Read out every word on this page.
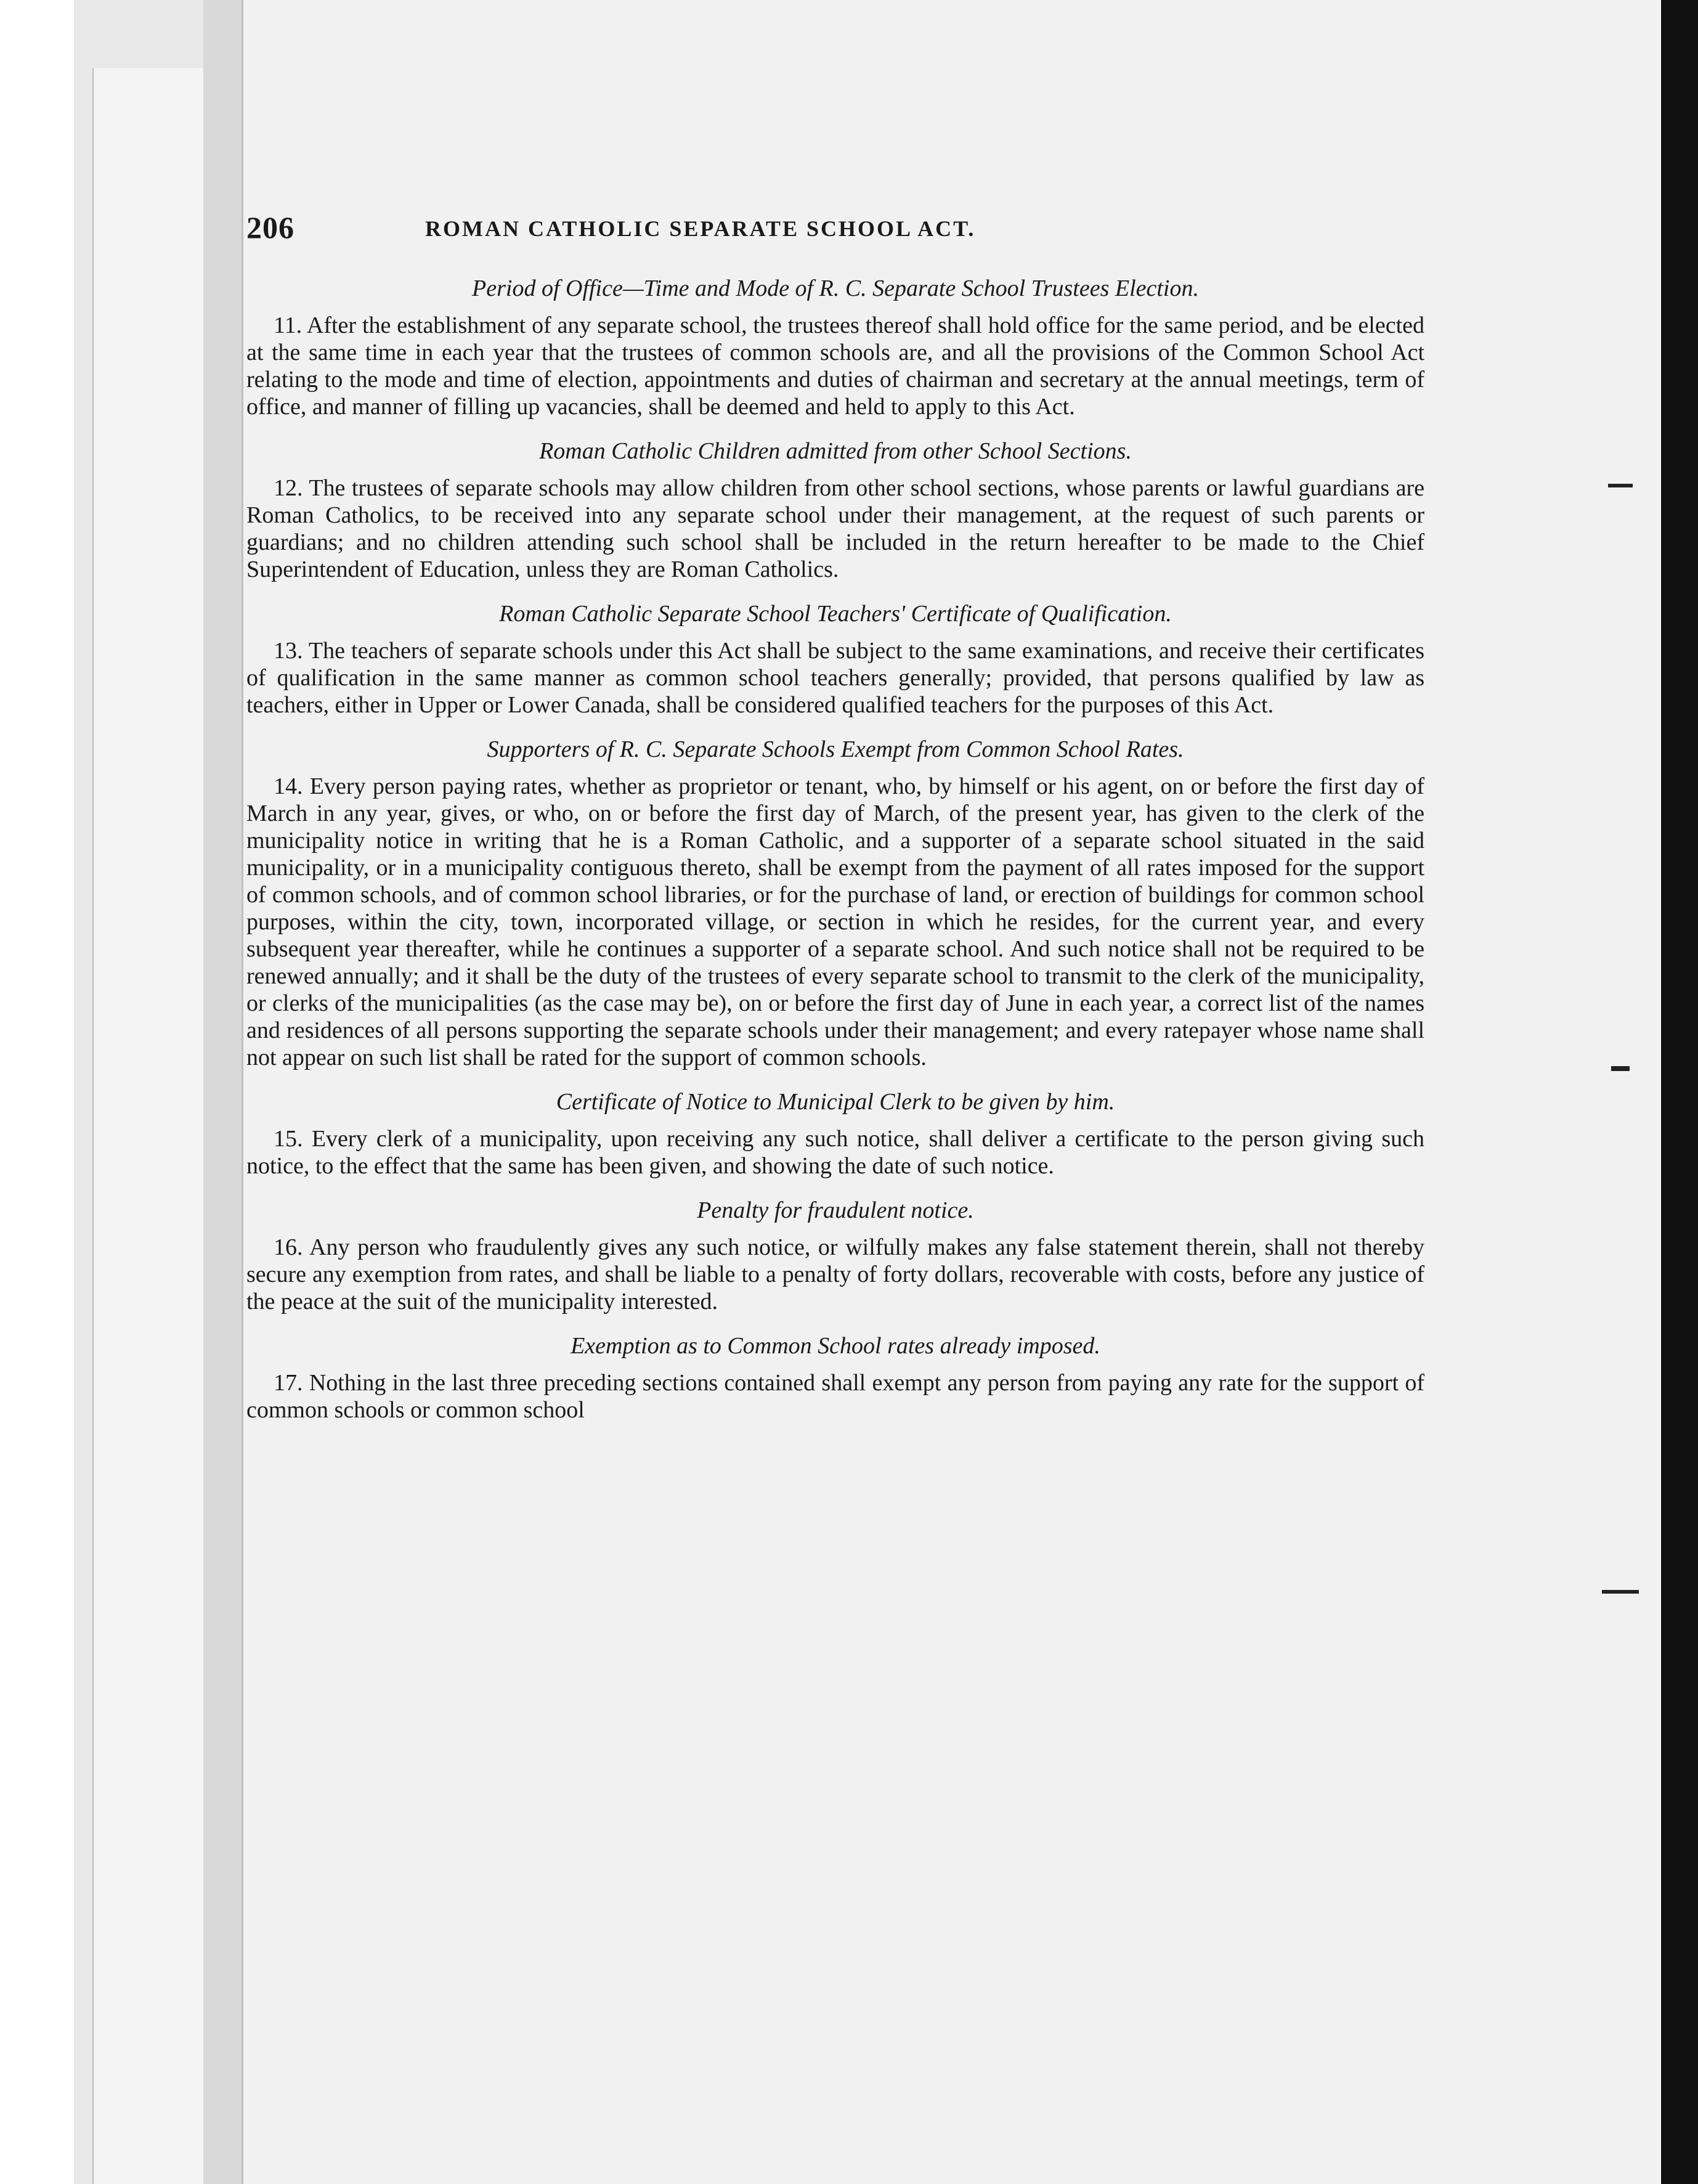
206	ROMAN CATHOLIC SEPARATE SCHOOL ACT.

Period of Office—Time and Mode of R. C. Separate School Trustees Election.

11. After the establishment of any separate school, the trustees thereof shall hold office for the same period, and be elected at the same time in each year that the trustees of common schools are, and all the provisions of the Common School Act relating to the mode and time of election, appointments and duties of chairman and secretary at the annual meetings, term of office, and manner of filling up vacancies, shall be deemed and held to apply to this Act.

Roman Catholic Children admitted from other School Sections.

12. The trustees of separate schools may allow children from other school sections, whose parents or lawful guardians are Roman Catholics, to be received into any separate school under their management, at the request of such parents or guardians; and no children attending such school shall be included in the return hereafter to be made to the Chief Superintendent of Education, unless they are Roman Catholics.

Roman Catholic Separate School Teachers' Certificate of Qualification.

13. The teachers of separate schools under this Act shall be subject to the same examinations, and receive their certificates of qualification in the same manner as common school teachers generally; provided, that persons qualified by law as teachers, either in Upper or Lower Canada, shall be considered qualified teachers for the purposes of this Act.

Supporters of R. C. Separate Schools Exempt from Common School Rates.

14. Every person paying rates, whether as proprietor or tenant, who, by himself or his agent, on or before the first day of March in any year, gives, or who, on or before the first day of March, of the present year, has given to the clerk of the municipality notice in writing that he is a Roman Catholic, and a supporter of a separate school situated in the said municipality, or in a municipality contiguous thereto, shall be exempt from the payment of all rates imposed for the support of common schools, and of common school libraries, or for the purchase of land, or erection of buildings for common school purposes, within the city, town, incorporated village, or section in which he resides, for the current year, and every subsequent year thereafter, while he continues a supporter of a separate school. And such notice shall not be required to be renewed annually; and it shall be the duty of the trustees of every separate school to transmit to the clerk of the municipality, or clerks of the municipalities (as the case may be), on or before the first day of June in each year, a correct list of the names and residences of all persons supporting the separate schools under their management; and every ratepayer whose name shall not appear on such list shall be rated for the support of common schools.

Certificate of Notice to Municipal Clerk to be given by him.

15. Every clerk of a municipality, upon receiving any such notice, shall deliver a certificate to the person giving such notice, to the effect that the same has been given, and showing the date of such notice.

Penalty for fraudulent notice.

16. Any person who fraudulently gives any such notice, or wilfully makes any false statement therein, shall not thereby secure any exemption from rates, and shall be liable to a penalty of forty dollars, recoverable with costs, before any justice of the peace at the suit of the municipality interested.

Exemption as to Common School rates already imposed.

17. Nothing in the last three preceding sections contained shall exempt any person from paying any rate for the support of common schools or common school
